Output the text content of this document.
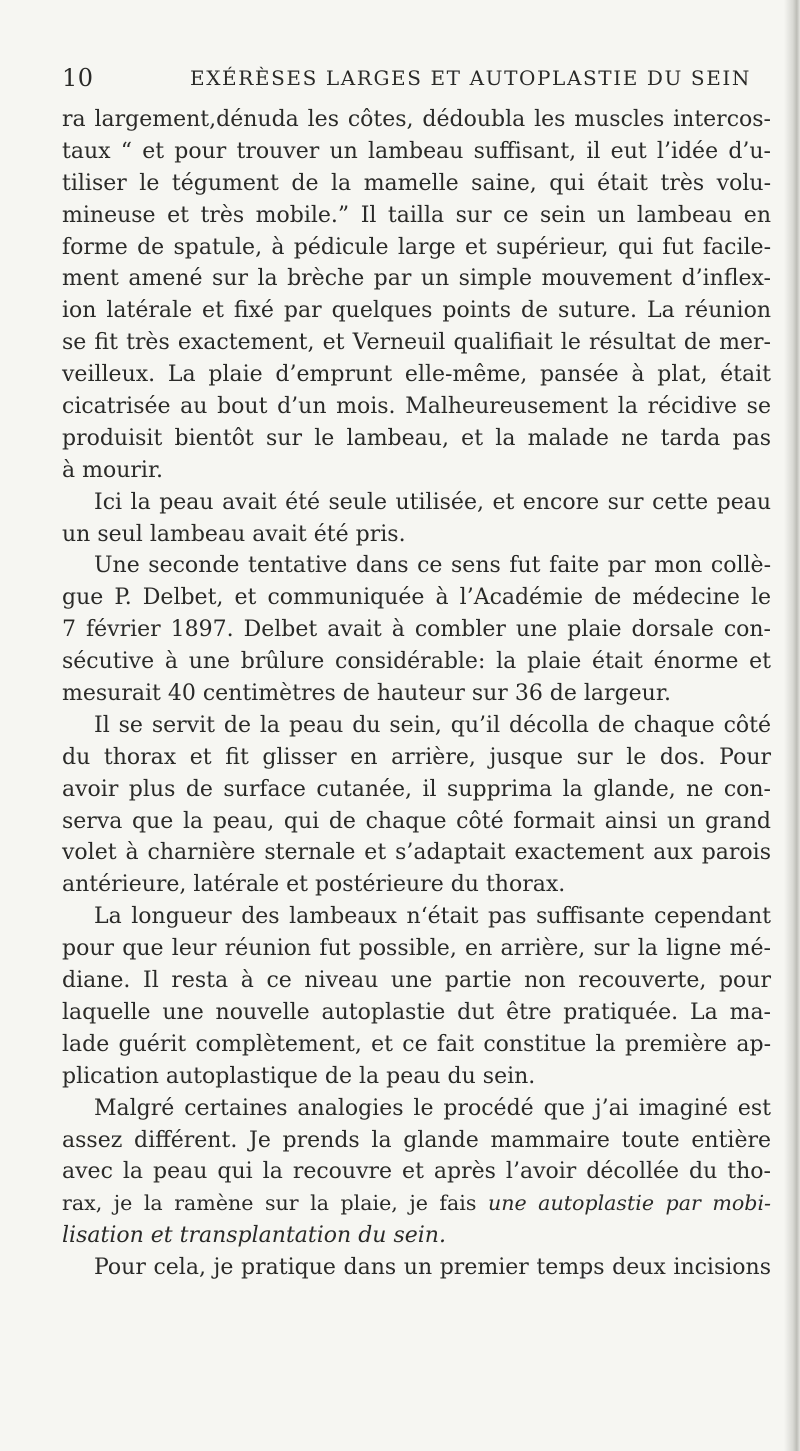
10	EXÉRÈSES LARGES ET AUTOPLASTIE DU SEIN
ra largement,dénuda les côtes, dédoubla les muscles intercos-
taux “ et pour trouver un lambeau suffisant, il eut l’idée d’u-
tiliser le tégument de la mamelle saine, qui était très volu-
mineuse et très mobile.” Il tailla sur ce sein un lambeau en
forme de spatule, à pédicule large et supérieur, qui fut facile-
ment amené sur la brèche par un simple mouvement d’inflex-
ion latérale et fixé par quelques points de suture. La réunion
se fit très exactement, et Verneuil qualifiait le résultat de mer-
veilleux. La plaie d’emprunt elle-même, pansée à plat, était
cicatrisée au bout d’un mois. Malheureusement la récidive se
produisit bientôt sur le lambeau, et la malade ne tarda pas
à mourir.
Ici la peau avait été seule utilisée, et encore sur cette peau
un seul lambeau avait été pris.
Une seconde tentative dans ce sens fut faite par mon collè-
gue P. Delbet, et communiquée à l’Académie de médecine le
7 février 1897. Delbet avait à combler une plaie dorsale con-
sécutive à une brûlure considérable: la plaie était énorme et
mesurait 40 centimètres de hauteur sur 36 de largeur.
Il se servit de la peau du sein, qu’il décolla de chaque côté
du thorax et fit glisser en arrière, jusque sur le dos. Pour
avoir plus de surface cutanée, il supprima la glande, ne con-
serva que la peau, qui de chaque côté formait ainsi un grand
volet à charnière sternale et s’adaptait exactement aux parois
antérieure, latérale et postérieure du thorax.
La longueur des lambeaux n‘était pas suffisante cependant
pour que leur réunion fut possible, en arrière, sur la ligne mé-
diane. Il resta à ce niveau une partie non recouverte, pour
laquelle une nouvelle autoplastie dut être pratiquée. La ma-
lade guérit complètement, et ce fait constitue la première ap-
plication autoplastique de la peau du sein.
Malgré certaines analogies le procédé que j’ai imaginé est
assez différent. Je prends la glande mammaire toute entière
avec la peau qui la recouvre et après l’avoir décollée du tho-
rax, je la ramène sur la plaie, je fais une autoplastie par mobi-
lisation et transplantation du sein.
Pour cela, je pratique dans un premier temps deux incisions
